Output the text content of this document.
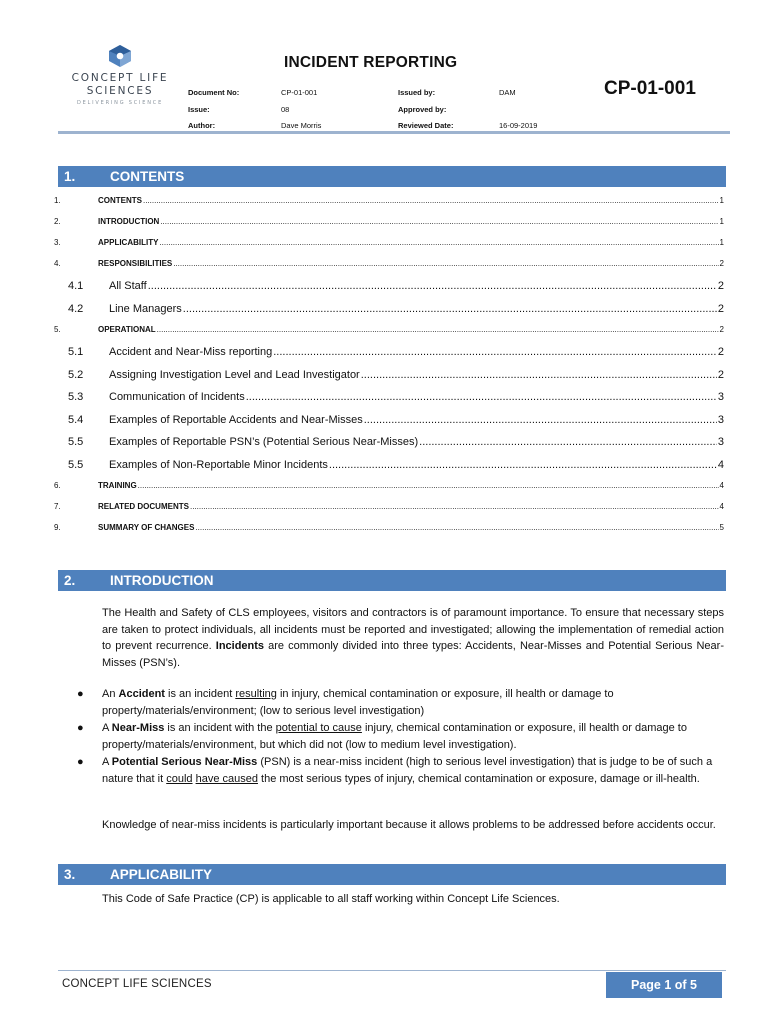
CONCEPT LIFE
SCIENCES
DELIVERING SCIENCE
INCIDENT REPORTING
CP-01-001
Document No:	CP-01-001	Issued by:	DAM
Issue:	08	Approved by:
Author:	Dave Morris	Reviewed Date:	16-09-2019
1.	CONTENTS
1.	CONTENTS .....	1
2.	INTRODUCTION .....	1
3.	APPLICABILITY .....	1
4.	RESPONSIBILITIES .....	2
4.1	All Staff .....	2
4.2	Line Managers .....	2
5.	OPERATIONAL .....	2
5.1	Accident and Near-Miss reporting .....	2
5.2	Assigning Investigation Level and Lead Investigator .....	2
5.3	Communication of Incidents .....	3
5.4	Examples of Reportable Accidents and Near-Misses .....	3
5.5	Examples of Reportable PSN’s (Potential Serious Near-Misses) .....	3
5.5	Examples of Non-Reportable Minor Incidents .....	4
6.	TRAINING .....	4
7.	RELATED DOCUMENTS .....	4
9.	SUMMARY OF CHANGES .....	5
2.	INTRODUCTION

The Health and Safety of CLS employees, visitors and contractors is of paramount importance. To ensure that necessary steps are taken to protect individuals, all incidents must be reported and investigated; allowing the implementation of remedial action to prevent recurrence. Incidents are commonly divided into three types: Accidents, Near-Misses and Potential Serious Near-Misses (PSN’s).

● An Accident is an incident resulting in injury, chemical contamination or exposure, ill health or damage to property/materials/environment; (low to serious level investigation)
● A Near-Miss is an incident with the potential to cause injury, chemical contamination or exposure, ill health or damage to property/materials/environment, but which did not (low to medium level investigation).
● A Potential Serious Near-Miss (PSN) is a near-miss incident (high to serious level investigation) that is judge to be of such a nature that it could have caused the most serious types of injury, chemical contamination or exposure, damage or ill-health.

Knowledge of near-miss incidents is particularly important because it allows problems to be addressed before accidents occur.

3.	APPLICABILITY

This Code of Safe Practice (CP) is applicable to all staff working within Concept Life Sciences.

CONCEPT LIFE SCIENCES	Page 1 of 5
